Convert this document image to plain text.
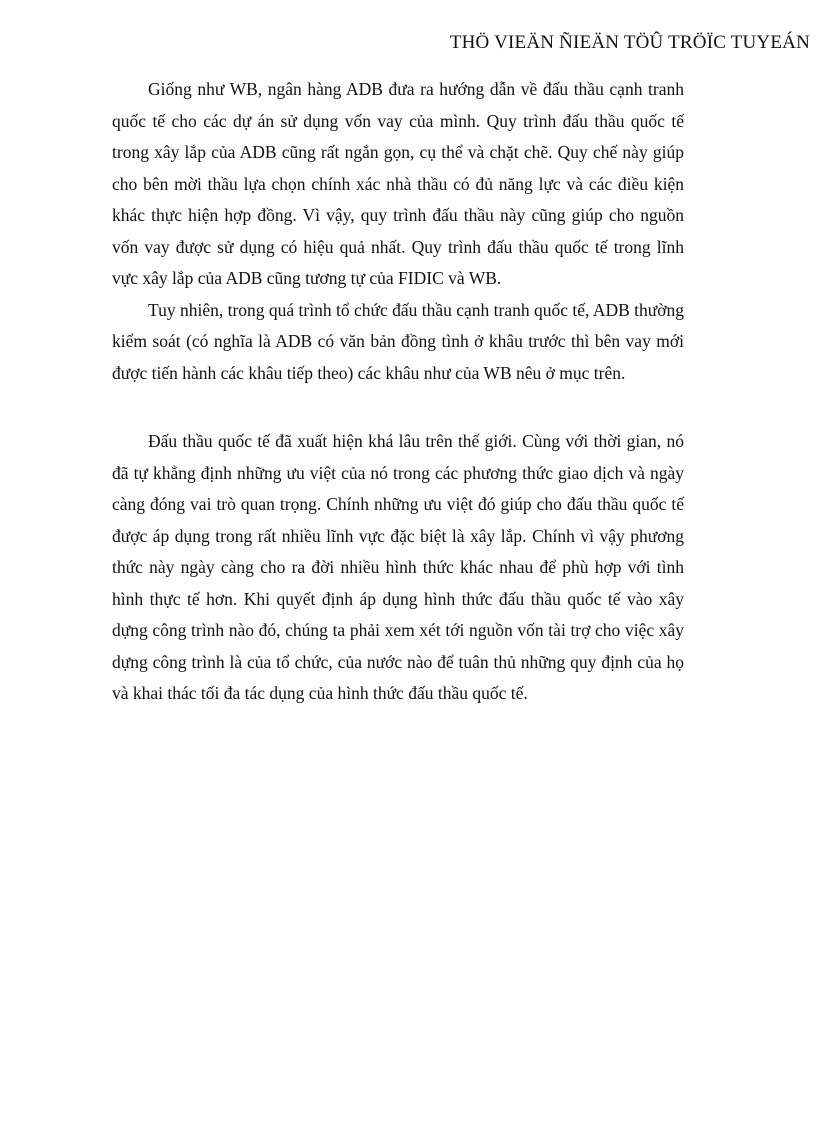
THÖ VIEÄN ÑIEÄN TÖÛ TRÖÏC TUYEÁN

Giống như WB, ngân hàng ADB đưa ra hướng dẫn về đấu thầu cạnh tranh quốc tế cho các dự án sử dụng vốn vay của mình. Quy trình đấu thầu quốc tế trong xây lắp của ADB cũng rất ngắn gọn, cụ thể và chặt chẽ. Quy chế này giúp cho bên mời thầu lựa chọn chính xác nhà thầu có đủ năng lực và các điều kiện khác thực hiện hợp đồng. Vì vậy, quy trình đấu thầu này cũng giúp cho nguồn vốn vay được sử dụng có hiệu quả nhất. Quy trình đấu thầu quốc tế trong lĩnh vực xây lắp của ADB cũng tương tự của FIDIC và WB.

Tuy nhiên, trong quá trình tổ chức đấu thầu cạnh tranh quốc tế, ADB thường kiểm soát (có nghĩa là ADB có văn bản đồng tình ở khâu trước thì bên vay mới được tiến hành các khâu tiếp theo) các khâu như của WB nêu ở mục trên.

Đấu thầu quốc tế đã xuất hiện khá lâu trên thế giới. Cùng với thời gian, nó đã tự khẳng định những ưu việt của nó trong các phương thức giao dịch và ngày càng đóng vai trò quan trọng. Chính những ưu việt đó giúp cho đấu thầu quốc tế được áp dụng trong rất nhiều lĩnh vực đặc biệt là xây lắp. Chính vì vậy phương thức này ngày càng cho ra đời nhiều hình thức khác nhau để phù hợp với tình hình thực tế hơn. Khi quyết định áp dụng hình thức đấu thầu quốc tế vào xây dựng công trình nào đó, chúng ta phải xem xét tới nguồn vốn tài trợ cho việc xây dựng công trình là của tổ chức, của nước nào để tuân thủ những quy định của họ và khai thác tối đa tác dụng của hình thức đấu thầu quốc tế.
